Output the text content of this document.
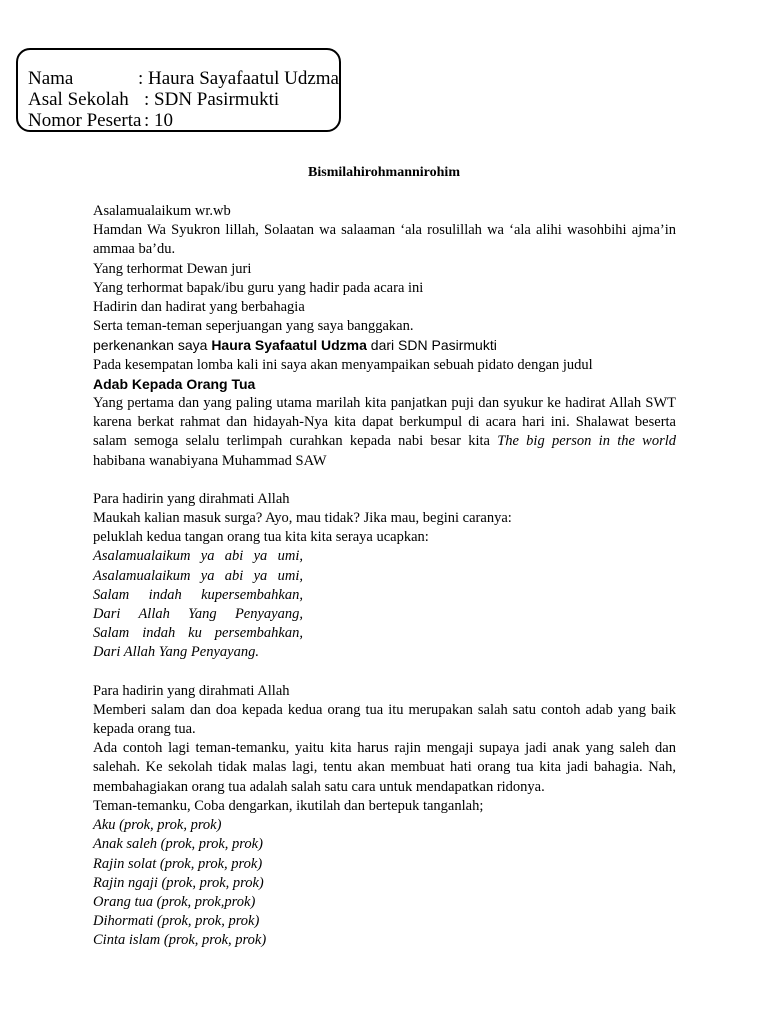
Nama	: Haura Sayafaatul Udzma
Asal Sekolah : SDN Pasirmukti
Nomor Peserta : 10
Bismilahirohmannirohim

Asalamualaikum wr.wb

Hamdan Wa Syukron lillah, Solaatan wa salaaman ‘ala rosulillah wa ‘ala alihi wasohbihi ajma’in ammaa ba’du.

Yang terhormat Dewan juri

Yang terhormat bapak/ibu guru yang hadir pada acara ini

Hadirin dan hadirat yang berbahagia

Serta teman-teman seperjuangan yang saya banggakan.

perkenankan saya Haura Syafaatul Udzma dari SDN Pasirmukti

Pada kesempatan lomba kali ini saya akan menyampaikan sebuah pidato dengan judul

Adab Kepada Orang Tua

Yang pertama dan yang paling utama marilah kita panjatkan puji dan syukur ke hadirat Allah SWT karena berkat rahmat dan hidayah-Nya kita dapat berkumpul di acara hari ini. Shalawat beserta salam semoga selalu terlimpah curahkan kepada nabi besar kita The big person in the world habibana wanabiyana Muhammad SAW

Para hadirin yang dirahmati Allah

Maukah kalian masuk surga? Ayo, mau tidak? Jika mau, begini caranya:

peluklah kedua tangan orang tua kita kita seraya ucapkan:

Asalamualaikum ya abi ya umi,

Asalamualaikum ya abi ya umi,

Salam indah kupersembahkan,

Dari Allah Yang Penyayang,

Salam indah ku persembahkan,

Dari Allah Yang Penyayang.

Para hadirin yang dirahmati Allah

Memberi salam dan doa kepada kedua orang tua itu merupakan salah satu contoh adab yang baik kepada orang tua.

Ada contoh lagi teman-temanku, yaitu kita harus rajin mengaji supaya jadi anak yang saleh dan salehah. Ke sekolah tidak malas lagi, tentu akan membuat hati orang tua kita jadi bahagia. Nah, membahagiakan orang tua adalah salah satu cara untuk mendapatkan ridonya.

Teman-temanku, Coba dengarkan, ikutilah dan bertepuk tanganlah;

Aku (prok, prok, prok)

Anak saleh (prok, prok, prok)

Rajin solat (prok, prok, prok)

Rajin ngaji (prok, prok, prok)

Orang tua (prok, prok,prok)

Dihormati (prok, prok, prok)

Cinta islam (prok, prok, prok)
